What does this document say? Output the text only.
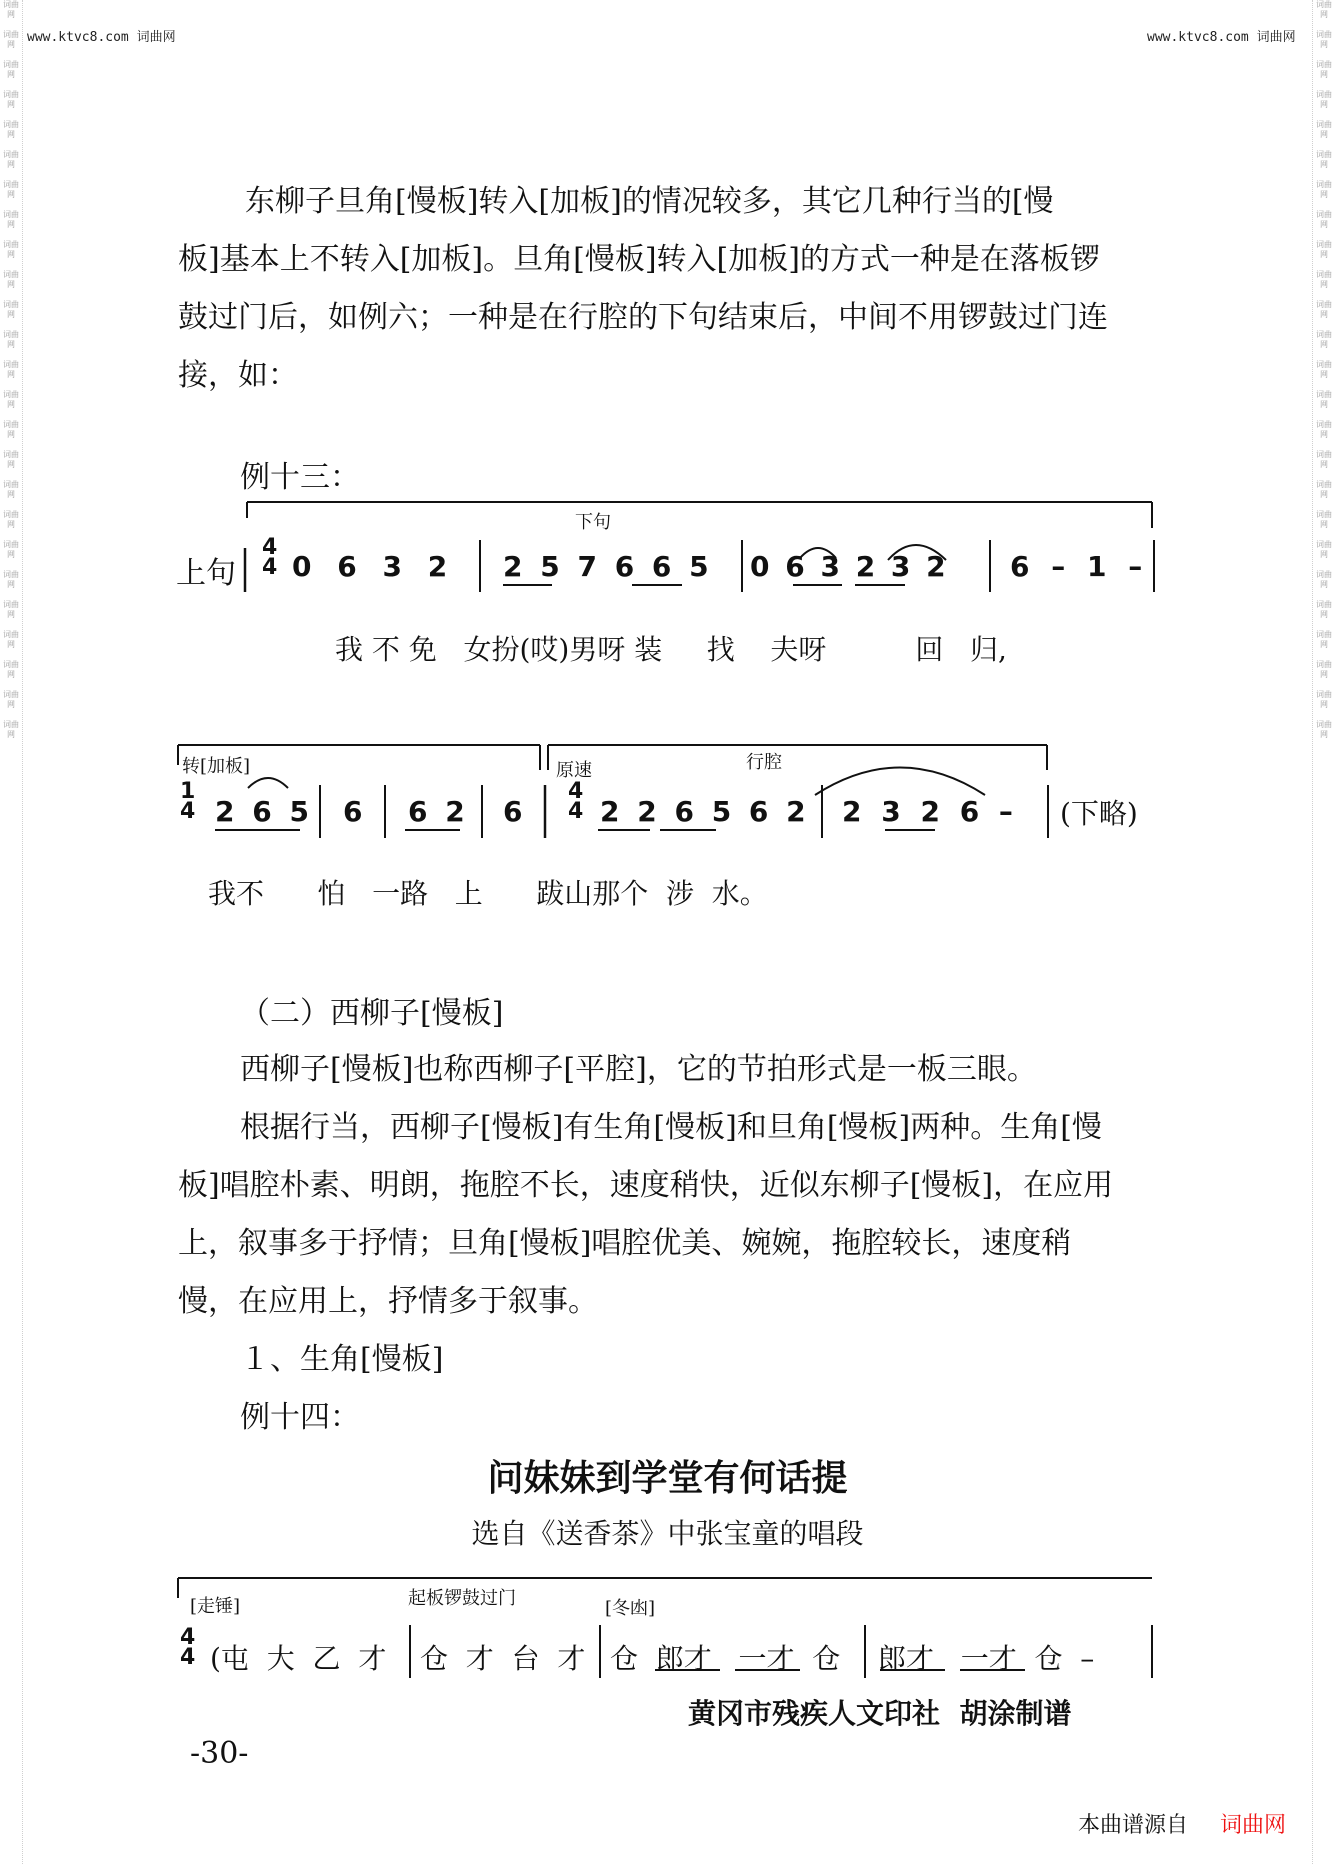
词曲网

词曲网

词曲网

词曲网

词曲网

词曲网

词曲网

词曲网

词曲网

词曲网

词曲网

词曲网

词曲网

词曲网

词曲网

词曲网

词曲网

词曲网

词曲网

词曲网

词曲网

词曲网

词曲网

词曲网

词曲网
词曲网

词曲网

词曲网

词曲网

词曲网

词曲网

词曲网

词曲网

词曲网

词曲网

词曲网

词曲网

词曲网

词曲网

词曲网

词曲网

词曲网

词曲网

词曲网

词曲网

词曲网

词曲网

词曲网

词曲网

词曲网
www.ktvc8.com 词曲网	www.ktvc8.com 词曲网
东柳子旦角[慢板]转入[加板]的情况较多，其它几种行当的[慢
板]基本上不转入[加板]。旦角[慢板]转入[加板]的方式一种是在落板锣
鼓过门后，如例六；一种是在行腔的下句结束后，中间不用锣鼓过门连
接，如：
例十三：
下句
上句
4
4 0 6 3 2 2 5 7 6 6 5 0 6 3 2 3 2 6 – 1 –
我 不 免   女扮(哎)男呀 装     找    夫呀          回   归,
转[加板]	原速	行腔
1
4 2 6 5 6 6 2 6
4
4 2 2 6 5 6 2 2 3 2 6 – (下略)
我不      怕   一路   上      跋山那个  涉  水。
（二）西柳子[慢板]
西柳子[慢板]也称西柳子[平腔]，它的节拍形式是一板三眼。
根据行当，西柳子[慢板]有生角[慢板]和旦角[慢板]两种。生角[慢
板]唱腔朴素、明朗，拖腔不长，速度稍快，近似东柳子[慢板]，在应用
上，叙事多于抒情；旦角[慢板]唱腔优美、婉婉，拖腔较长，速度稍
慢，在应用上，抒情多于叙事。
１、生角[慢板]
例十四：
问妹妹到学堂有何话提
选自《送香茶》中张宝童的唱段
[走锤]	起板锣鼓过门	[冬凼]
4
4 (屯  大  乙  才 仓  才  台  才 仓  郎才   一才  仓 郎才   一才  仓  –
黄冈市残疾人文印社  胡涂制谱
-30-
本曲谱源自 词曲网
